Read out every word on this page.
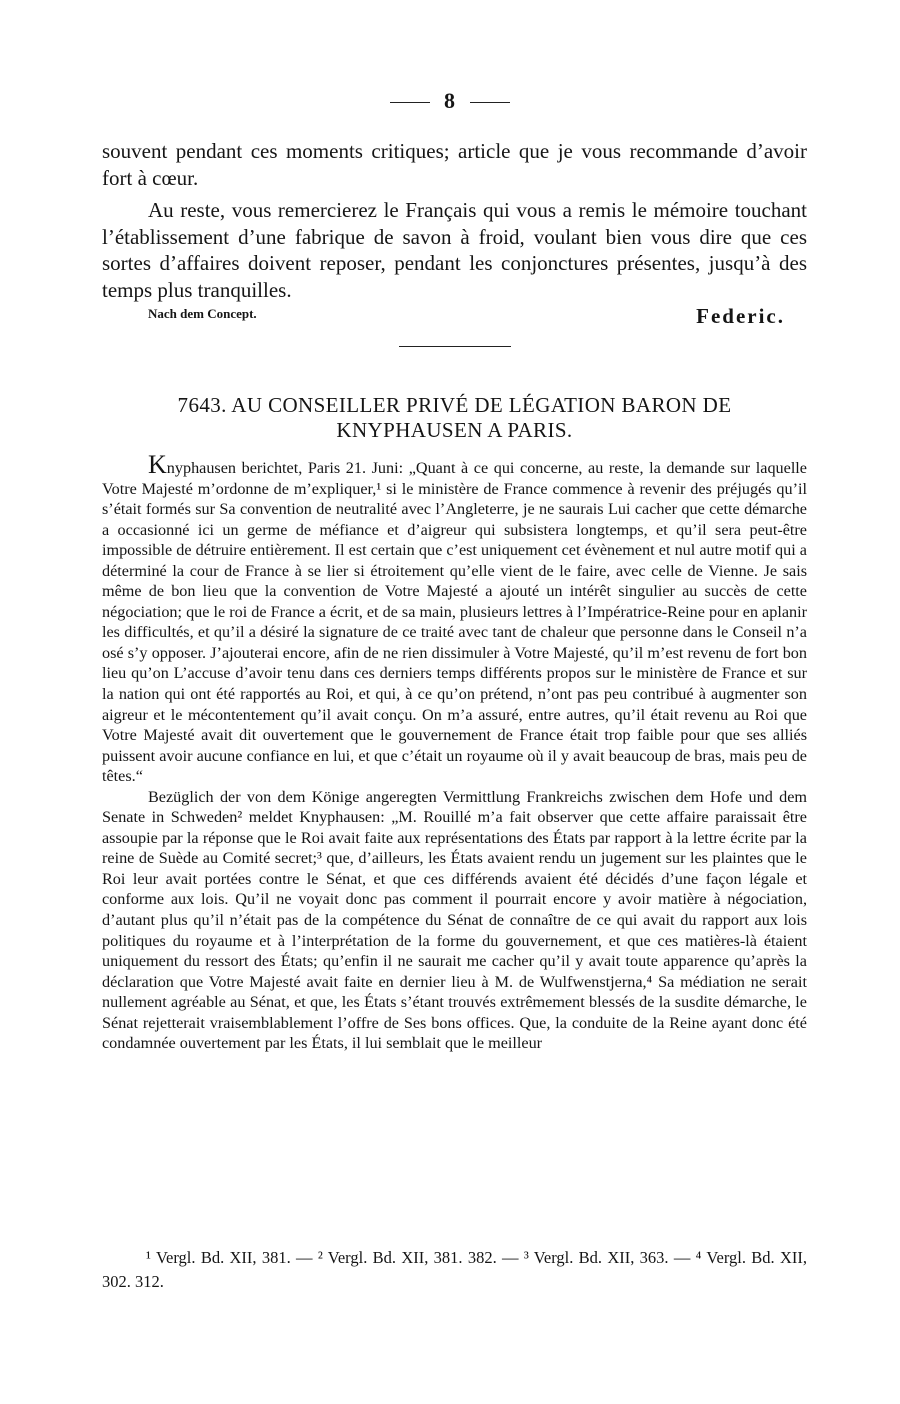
8

souvent pendant ces moments critiques; article que je vous recommande d’avoir fort à cœur.

Au reste, vous remercierez le Français qui vous a remis le mémoire touchant l’établissement d’une fabrique de savon à froid, voulant bien vous dire que ces sortes d’affaires doivent reposer, pendant les conjonctures présentes, jusqu’à des temps plus tranquilles.

Nach dem Concept.	Federic.
7643. AU CONSEILLER PRIVÉ DE LÉGATION BARON DE
KNYPHAUSEN A PARIS.

Knyphausen berichtet, Paris 21. Juni: „Quant à ce qui concerne, au reste, la demande sur laquelle Votre Majesté m’ordonne de m’expliquer,¹ si le ministère de France commence à revenir des préjugés qu’il s’était formés sur Sa convention de neutralité avec l’Angleterre, je ne saurais Lui cacher que cette démarche a occasionné ici un germe de méfiance et d’aigreur qui subsistera longtemps, et qu’il sera peut-être impossible de détruire entièrement. Il est certain que c’est uniquement cet évènement et nul autre motif qui a déterminé la cour de France à se lier si étroitement qu’elle vient de le faire, avec celle de Vienne. Je sais même de bon lieu que la convention de Votre Majesté a ajouté un intérêt singulier au succès de cette négociation; que le roi de France a écrit, et de sa main, plusieurs lettres à l’Impératrice-Reine pour en aplanir les difficultés, et qu’il a désiré la signature de ce traité avec tant de chaleur que personne dans le Conseil n’a osé s’y opposer. J’ajouterai encore, afin de ne rien dissimuler à Votre Majesté, qu’il m’est revenu de fort bon lieu qu’on L’accuse d’avoir tenu dans ces derniers temps différents propos sur le ministère de France et sur la nation qui ont été rapportés au Roi, et qui, à ce qu’on prétend, n’ont pas peu contribué à augmenter son aigreur et le mécontentement qu’il avait conçu. On m’a assuré, entre autres, qu’il était revenu au Roi que Votre Majesté avait dit ouvertement que le gouvernement de France était trop faible pour que ses alliés puissent avoir aucune confiance en lui, et que c’était un royaume où il y avait beaucoup de bras, mais peu de têtes.“

Bezüglich der von dem Könige angeregten Vermittlung Frankreichs zwischen dem Hofe und dem Senate in Schweden² meldet Knyphausen: „M. Rouillé m’a fait observer que cette affaire paraissait être assoupie par la réponse que le Roi avait faite aux représentations des États par rapport à la lettre écrite par la reine de Suède au Comité secret;³ que, d’ailleurs, les États avaient rendu un jugement sur les plaintes que le Roi leur avait portées contre le Sénat, et que ces différends avaient été décidés d’une façon légale et conforme aux lois. Qu’il ne voyait donc pas comment il pourrait encore y avoir matière à négociation, d’autant plus qu’il n’était pas de la compétence du Sénat de connaître de ce qui avait du rapport aux lois politiques du royaume et à l’interprétation de la forme du gouvernement, et que ces matières-là étaient uniquement du ressort des États; qu’enfin il ne saurait me cacher qu’il y avait toute apparence qu’après la déclaration que Votre Majesté avait faite en dernier lieu à M. de Wulfwenstjerna,⁴ Sa médiation ne serait nullement agréable au Sénat, et que, les États s’étant trouvés extrêmement blessés de la susdite démarche, le Sénat rejetterait vraisemblablement l’offre de Ses bons offices. Que, la conduite de la Reine ayant donc été condamnée ouvertement par les États, il lui semblait que le meilleur

¹ Vergl. Bd. XII, 381. — ² Vergl. Bd. XII, 381. 382. — ³ Vergl. Bd. XII, 363. — ⁴ Vergl. Bd. XII, 302. 312.
